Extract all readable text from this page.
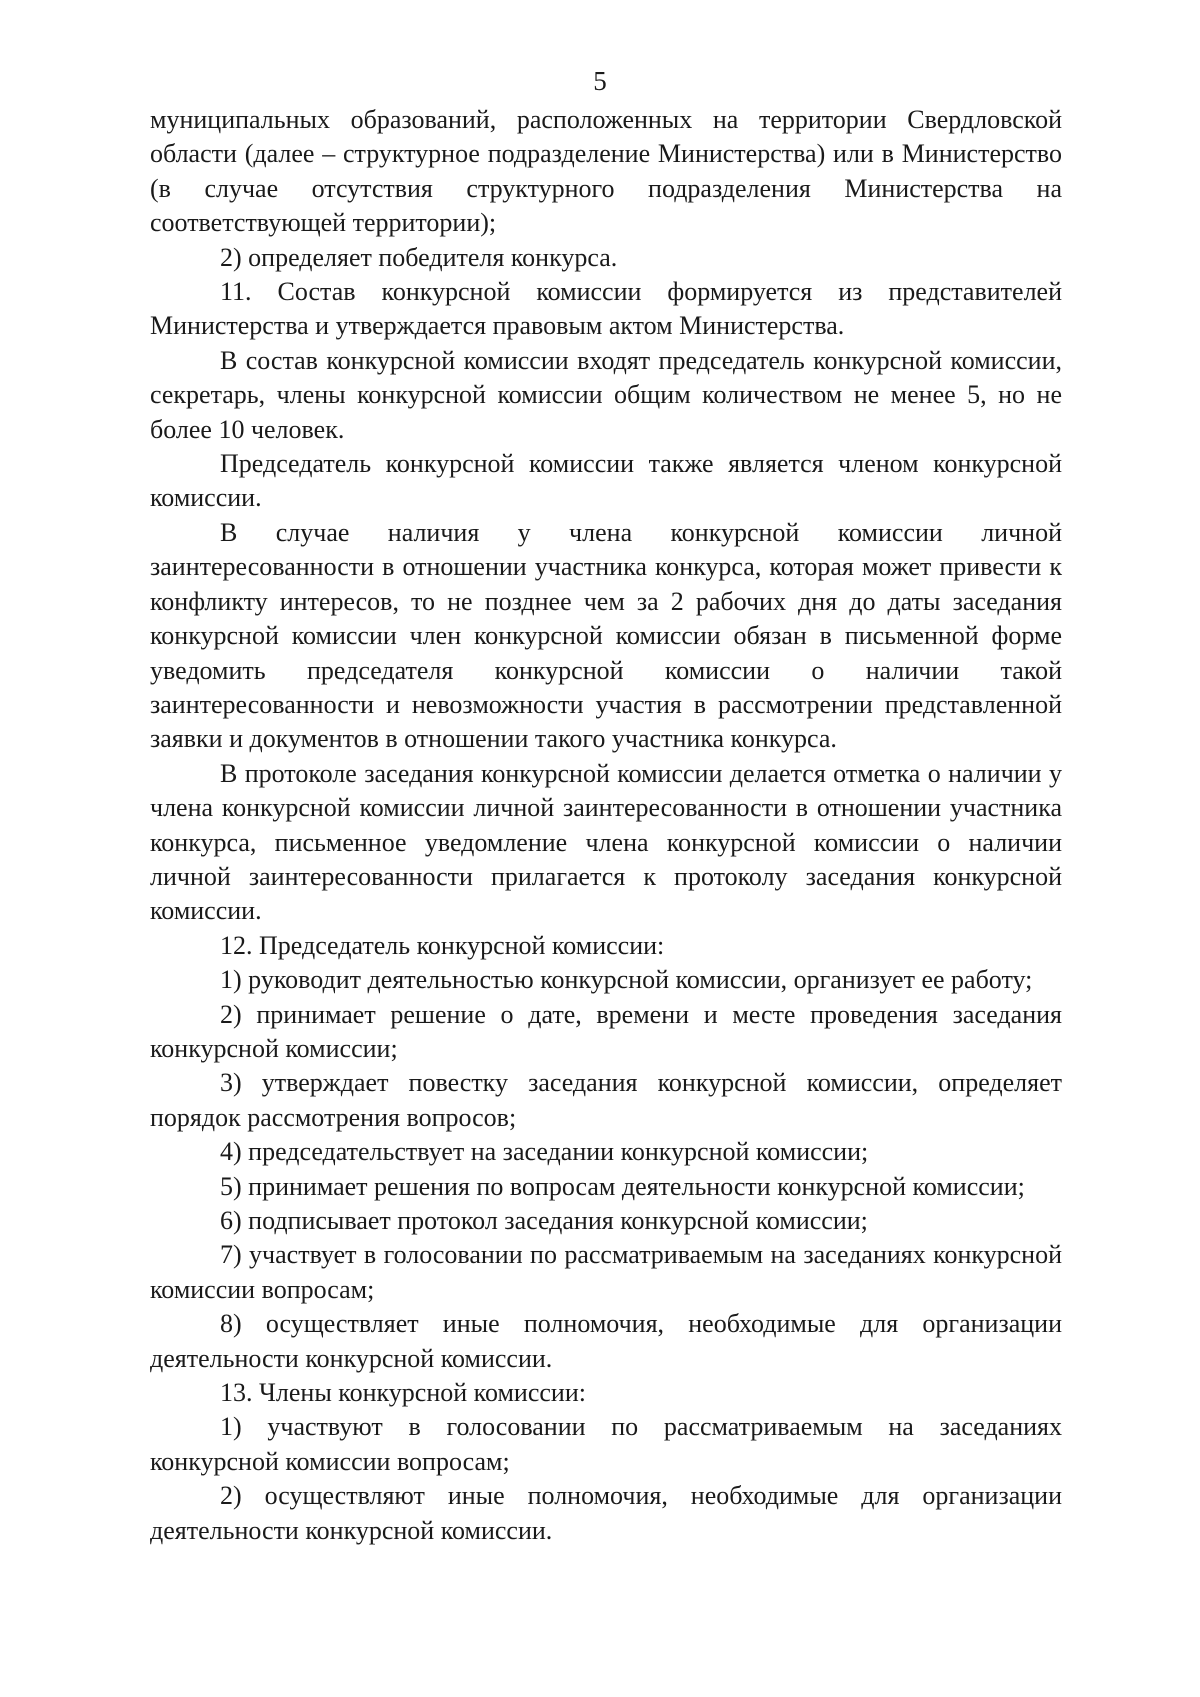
5

муниципальных образований, расположенных на территории Свердловской области (далее – структурное подразделение Министерства) или в Министерство (в случае отсутствия структурного подразделения Министерства на соответствующей территории);

2) определяет победителя конкурса.

11. Состав конкурсной комиссии формируется из представителей Министерства и утверждается правовым актом Министерства.

В состав конкурсной комиссии входят председатель конкурсной комиссии, секретарь, члены конкурсной комиссии общим количеством не менее 5, но не более 10 человек.

Председатель конкурсной комиссии также является членом конкурсной комиссии.

В случае наличия у члена конкурсной комиссии личной заинтересованности в отношении участника конкурса, которая может привести к конфликту интересов, то не позднее чем за 2 рабочих дня до даты заседания конкурсной комиссии член конкурсной комиссии обязан в письменной форме уведомить председателя конкурсной комиссии о наличии такой заинтересованности и невозможности участия в рассмотрении представленной заявки и документов в отношении такого участника конкурса.

В протоколе заседания конкурсной комиссии делается отметка о наличии у члена конкурсной комиссии личной заинтересованности в отношении участника конкурса, письменное уведомление члена конкурсной комиссии о наличии личной заинтересованности прилагается к протоколу заседания конкурсной комиссии.

12. Председатель конкурсной комиссии:

1) руководит деятельностью конкурсной комиссии, организует ее работу;

2) принимает решение о дате, времени и месте проведения заседания конкурсной комиссии;

3) утверждает повестку заседания конкурсной комиссии, определяет порядок рассмотрения вопросов;

4) председательствует на заседании конкурсной комиссии;

5) принимает решения по вопросам деятельности конкурсной комиссии;

6) подписывает протокол заседания конкурсной комиссии;

7) участвует в голосовании по рассматриваемым на заседаниях конкурсной комиссии вопросам;

8) осуществляет иные полномочия, необходимые для организации деятельности конкурсной комиссии.

13. Члены конкурсной комиссии:

1) участвуют в голосовании по рассматриваемым на заседаниях конкурсной комиссии вопросам;

2) осуществляют иные полномочия, необходимые для организации деятельности конкурсной комиссии.
